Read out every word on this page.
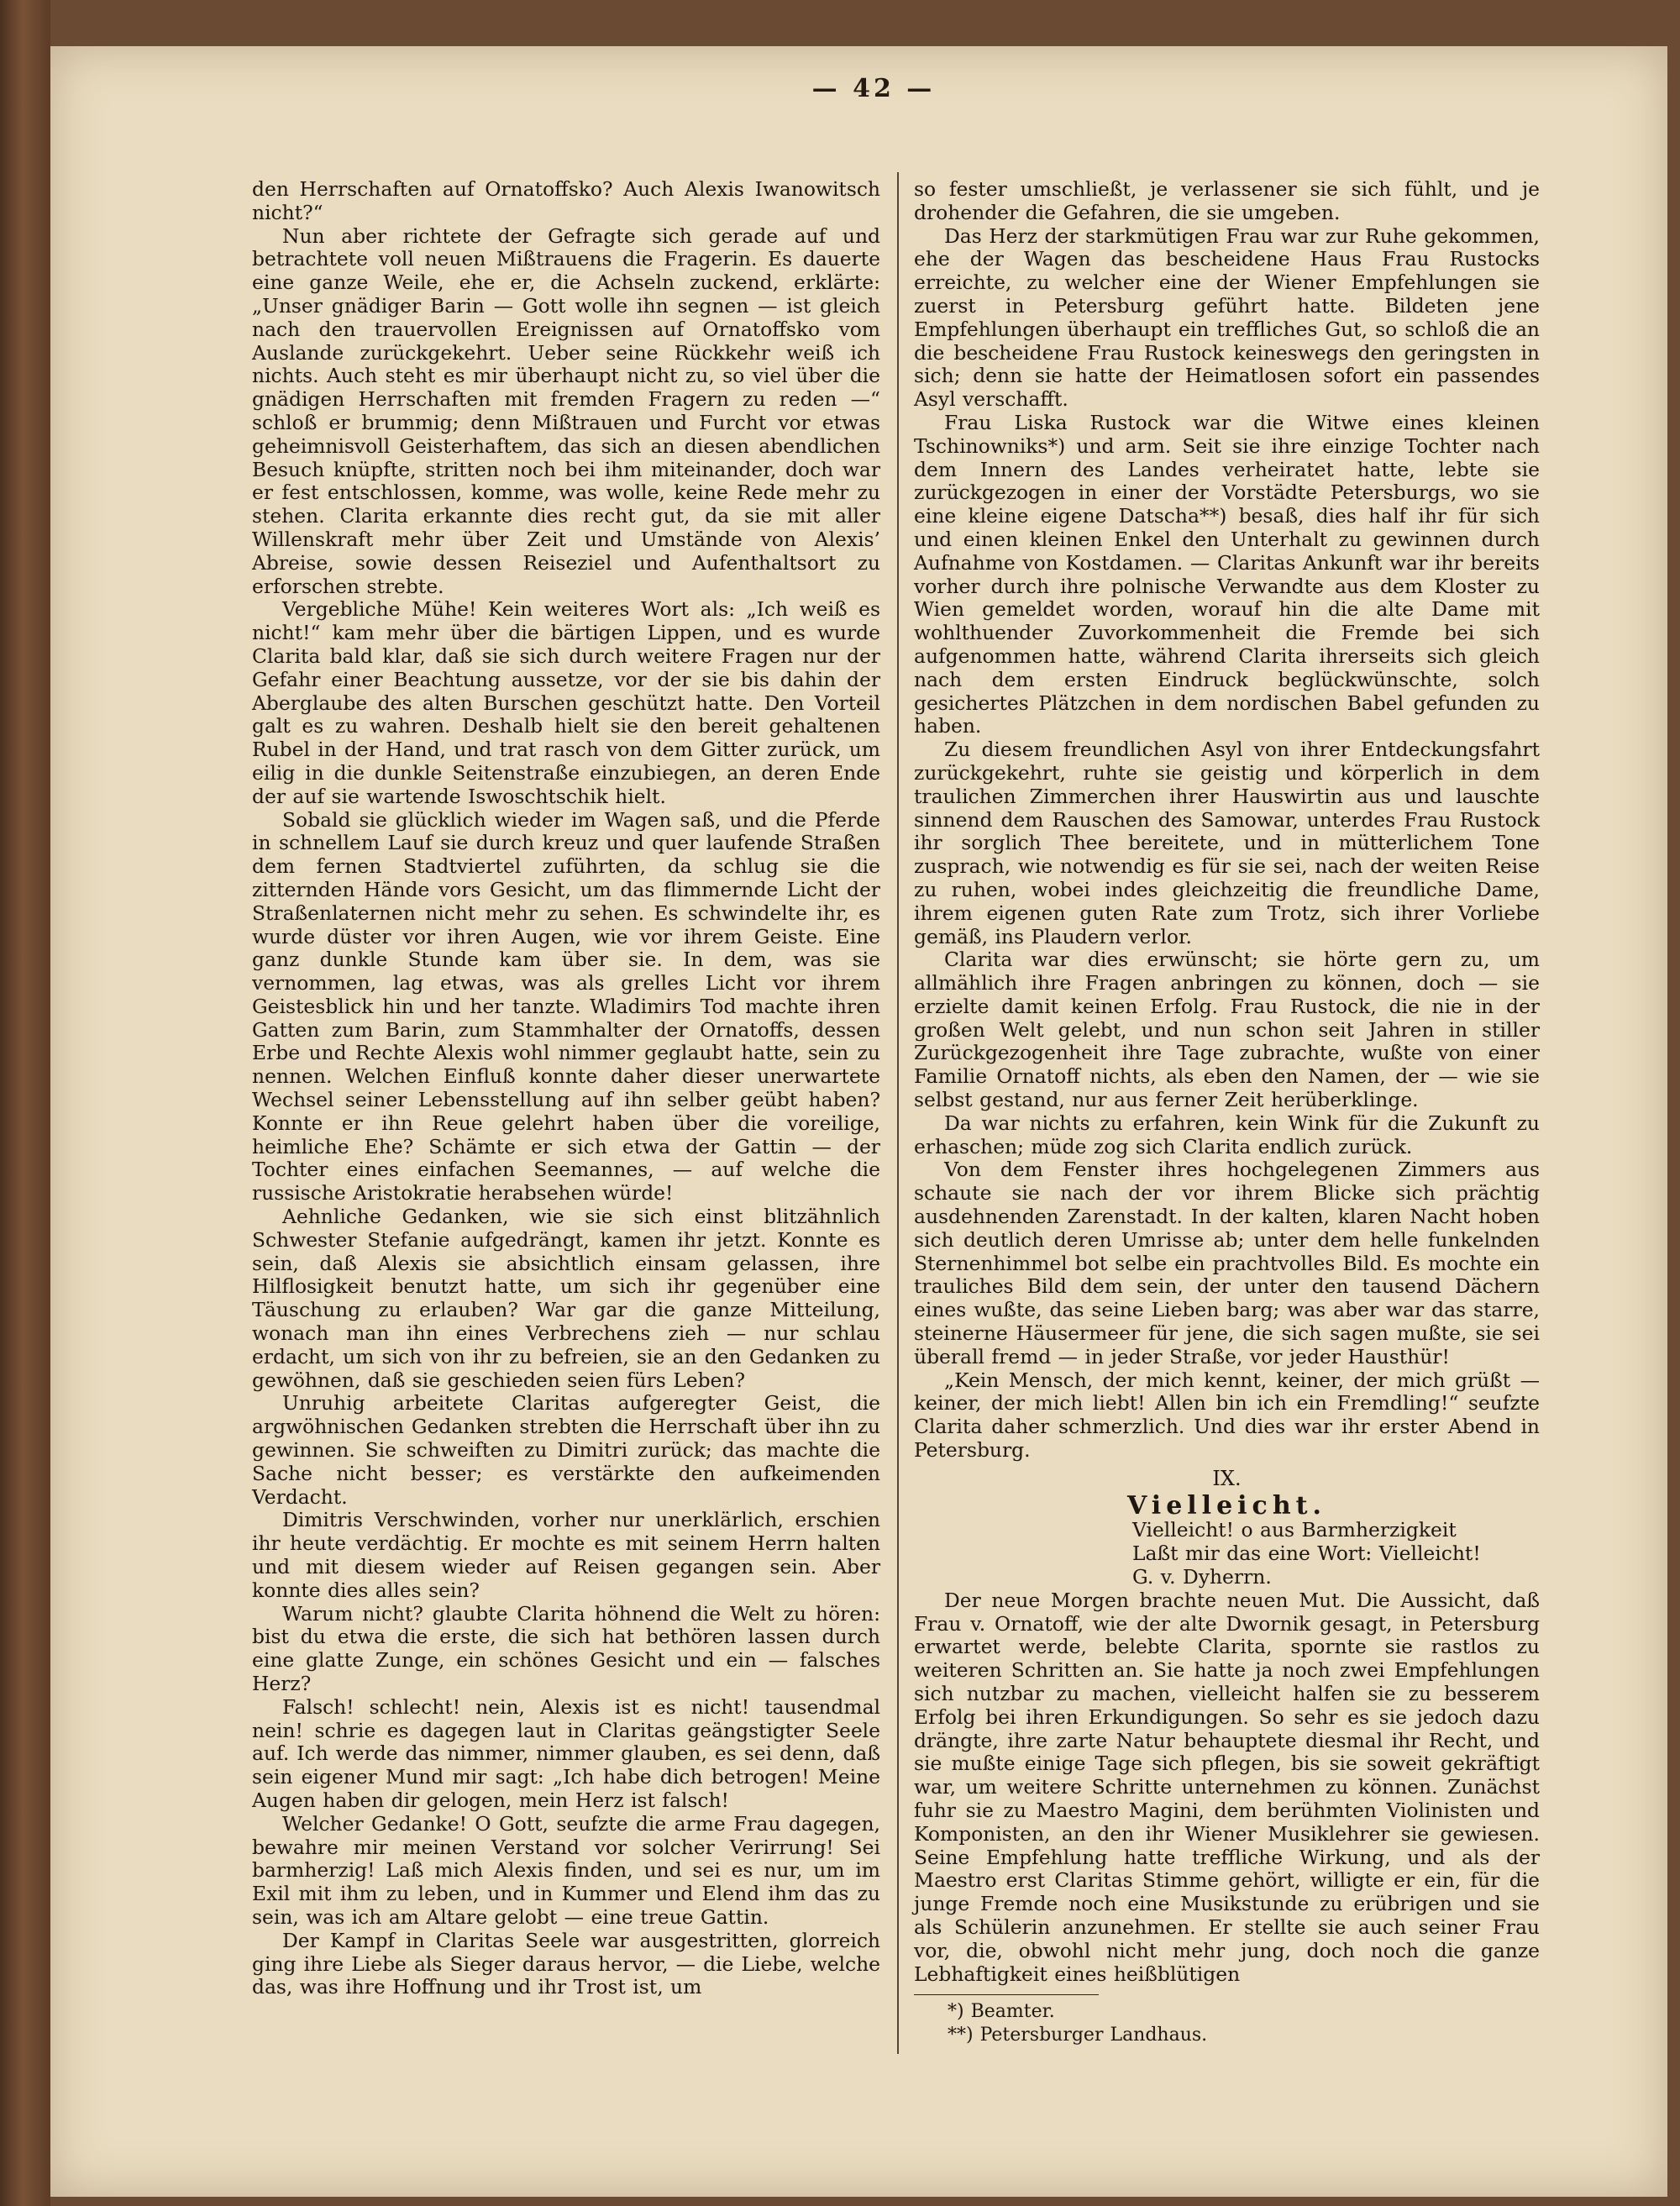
— 42 —

den Herrschaften auf Ornatoffsko? Auch Alexis Iwanowitsch nicht?“

Nun aber richtete der Gefragte sich gerade auf und betrachtete voll neuen Mißtrauens die Fragerin. Es dauerte eine ganze Weile, ehe er, die Achseln zuckend, erklärte: „Unser gnädiger Barin — Gott wolle ihn segnen — ist gleich nach den trauervollen Ereignissen auf Ornatoffsko vom Auslande zurückgekehrt. Ueber seine Rückkehr weiß ich nichts. Auch steht es mir überhaupt nicht zu, so viel über die gnädigen Herrschaften mit fremden Fragern zu reden —“ schloß er brummig; denn Mißtrauen und Furcht vor etwas geheimnisvoll Geisterhaftem, das sich an diesen abendlichen Besuch knüpfte, stritten noch bei ihm miteinander, doch war er fest entschlossen, komme, was wolle, keine Rede mehr zu stehen. Clarita erkannte dies recht gut, da sie mit aller Willenskraft mehr über Zeit und Umstände von Alexis’ Abreise, sowie dessen Reiseziel und Aufenthaltsort zu erforschen strebte.

Vergebliche Mühe! Kein weiteres Wort als: „Ich weiß es nicht!“ kam mehr über die bärtigen Lippen, und es wurde Clarita bald klar, daß sie sich durch weitere Fragen nur der Gefahr einer Beachtung aussetze, vor der sie bis dahin der Aberglaube des alten Burschen geschützt hatte. Den Vorteil galt es zu wahren. Deshalb hielt sie den bereit gehaltenen Rubel in der Hand, und trat rasch von dem Gitter zurück, um eilig in die dunkle Seitenstraße einzubiegen, an deren Ende der auf sie wartende Iswoschtschik hielt.

Sobald sie glücklich wieder im Wagen saß, und die Pferde in schnellem Lauf sie durch kreuz und quer laufende Straßen dem fernen Stadtviertel zuführten, da schlug sie die zitternden Hände vors Gesicht, um das flimmernde Licht der Straßenlaternen nicht mehr zu sehen. Es schwindelte ihr, es wurde düster vor ihren Augen, wie vor ihrem Geiste. Eine ganz dunkle Stunde kam über sie. In dem, was sie vernommen, lag etwas, was als grelles Licht vor ihrem Geistesblick hin und her tanzte. Wladimirs Tod machte ihren Gatten zum Barin, zum Stammhalter der Ornatoffs, dessen Erbe und Rechte Alexis wohl nimmer geglaubt hatte, sein zu nennen. Welchen Einfluß konnte daher dieser unerwartete Wechsel seiner Lebensstellung auf ihn selber geübt haben? Konnte er ihn Reue gelehrt haben über die voreilige, heimliche Ehe? Schämte er sich etwa der Gattin — der Tochter eines einfachen Seemannes, — auf welche die russische Aristokratie herabsehen würde!

Aehnliche Gedanken, wie sie sich einst blitzähnlich Schwester Stefanie aufgedrängt, kamen ihr jetzt. Konnte es sein, daß Alexis sie absichtlich einsam gelassen, ihre Hilflosigkeit benutzt hatte, um sich ihr gegenüber eine Täuschung zu erlauben? War gar die ganze Mitteilung, wonach man ihn eines Verbrechens zieh — nur schlau erdacht, um sich von ihr zu befreien, sie an den Gedanken zu gewöhnen, daß sie geschieden seien fürs Leben?

Unruhig arbeitete Claritas aufgeregter Geist, die argwöhnischen Gedanken strebten die Herrschaft über ihn zu gewinnen. Sie schweiften zu Dimitri zurück; das machte die Sache nicht besser; es verstärkte den aufkeimenden Verdacht.

Dimitris Verschwinden, vorher nur unerklärlich, erschien ihr heute verdächtig. Er mochte es mit seinem Herrn halten und mit diesem wieder auf Reisen gegangen sein. Aber konnte dies alles sein?

Warum nicht? glaubte Clarita höhnend die Welt zu hören: bist du etwa die erste, die sich hat bethören lassen durch eine glatte Zunge, ein schönes Gesicht und ein — falsches Herz?

Falsch! schlecht! nein, Alexis ist es nicht! tausendmal nein! schrie es dagegen laut in Claritas geängstigter Seele auf. Ich werde das nimmer, nimmer glauben, es sei denn, daß sein eigener Mund mir sagt: „Ich habe dich betrogen! Meine Augen haben dir gelogen, mein Herz ist falsch!

Welcher Gedanke! O Gott, seufzte die arme Frau dagegen, bewahre mir meinen Verstand vor solcher Verirrung! Sei barmherzig! Laß mich Alexis finden, und sei es nur, um im Exil mit ihm zu leben, und in Kummer und Elend ihm das zu sein, was ich am Altare gelobt — eine treue Gattin.

Der Kampf in Claritas Seele war ausgestritten, glorreich ging ihre Liebe als Sieger daraus hervor, — die Liebe, welche das, was ihre Hoffnung und ihr Trost ist, um

so fester umschließt, je verlassener sie sich fühlt, und je drohender die Gefahren, die sie umgeben.

Das Herz der starkmütigen Frau war zur Ruhe gekommen, ehe der Wagen das bescheidene Haus Frau Rustocks erreichte, zu welcher eine der Wiener Empfehlungen sie zuerst in Petersburg geführt hatte. Bildeten jene Empfehlungen überhaupt ein treffliches Gut, so schloß die an die bescheidene Frau Rustock keineswegs den geringsten in sich; denn sie hatte der Heimatlosen sofort ein passendes Asyl verschafft.

Frau Liska Rustock war die Witwe eines kleinen Tschinowniks*) und arm. Seit sie ihre einzige Tochter nach dem Innern des Landes verheiratet hatte, lebte sie zurückgezogen in einer der Vorstädte Petersburgs, wo sie eine kleine eigene Datscha**) besaß, dies half ihr für sich und einen kleinen Enkel den Unterhalt zu gewinnen durch Aufnahme von Kostdamen. — Claritas Ankunft war ihr bereits vorher durch ihre polnische Verwandte aus dem Kloster zu Wien gemeldet worden, worauf hin die alte Dame mit wohlthuender Zuvorkommenheit die Fremde bei sich aufgenommen hatte, während Clarita ihrerseits sich gleich nach dem ersten Eindruck beglückwünschte, solch gesichertes Plätzchen in dem nordischen Babel gefunden zu haben.

Zu diesem freundlichen Asyl von ihrer Entdeckungsfahrt zurückgekehrt, ruhte sie geistig und körperlich in dem traulichen Zimmerchen ihrer Hauswirtin aus und lauschte sinnend dem Rauschen des Samowar, unterdes Frau Rustock ihr sorglich Thee bereitete, und in mütterlichem Tone zusprach, wie notwendig es für sie sei, nach der weiten Reise zu ruhen, wobei indes gleichzeitig die freundliche Dame, ihrem eigenen guten Rate zum Trotz, sich ihrer Vorliebe gemäß, ins Plaudern verlor.

Clarita war dies erwünscht; sie hörte gern zu, um allmählich ihre Fragen anbringen zu können, doch — sie erzielte damit keinen Erfolg. Frau Rustock, die nie in der großen Welt gelebt, und nun schon seit Jahren in stiller Zurückgezogenheit ihre Tage zubrachte, wußte von einer Familie Ornatoff nichts, als eben den Namen, der — wie sie selbst gestand, nur aus ferner Zeit herüberklinge.

Da war nichts zu erfahren, kein Wink für die Zukunft zu erhaschen; müde zog sich Clarita endlich zurück.

Von dem Fenster ihres hochgelegenen Zimmers aus schaute sie nach der vor ihrem Blicke sich prächtig ausdehnenden Zarenstadt. In der kalten, klaren Nacht hoben sich deutlich deren Umrisse ab; unter dem helle funkelnden Sternenhimmel bot selbe ein prachtvolles Bild. Es mochte ein trauliches Bild dem sein, der unter den tausend Dächern eines wußte, das seine Lieben barg; was aber war das starre, steinerne Häusermeer für jene, die sich sagen mußte, sie sei überall fremd — in jeder Straße, vor jeder Hausthür!

„Kein Mensch, der mich kennt, keiner, der mich grüßt — keiner, der mich liebt! Allen bin ich ein Fremdling!“ seufzte Clarita daher schmerzlich. Und dies war ihr erster Abend in Petersburg.

IX.
Vielleicht.
Vielleicht! o aus Barmherzigkeit
Laßt mir das eine Wort: Vielleicht!
G. v. Dyherrn.

Der neue Morgen brachte neuen Mut. Die Aussicht, daß Frau v. Ornatoff, wie der alte Dwornik gesagt, in Petersburg erwartet werde, belebte Clarita, spornte sie rastlos zu weiteren Schritten an. Sie hatte ja noch zwei Empfehlungen sich nutzbar zu machen, vielleicht halfen sie zu besserem Erfolg bei ihren Erkundigungen. So sehr es sie jedoch dazu drängte, ihre zarte Natur behauptete diesmal ihr Recht, und sie mußte einige Tage sich pflegen, bis sie soweit gekräftigt war, um weitere Schritte unternehmen zu können. Zunächst fuhr sie zu Maestro Magini, dem berühmten Violinisten und Komponisten, an den ihr Wiener Musiklehrer sie gewiesen. Seine Empfehlung hatte treffliche Wirkung, und als der Maestro erst Claritas Stimme gehört, willigte er ein, für die junge Fremde noch eine Musikstunde zu erübrigen und sie als Schülerin anzunehmen. Er stellte sie auch seiner Frau vor, die, obwohl nicht mehr jung, doch noch die ganze Lebhaftigkeit eines heißblütigen

*) Beamter.
**) Petersburger Landhaus.
